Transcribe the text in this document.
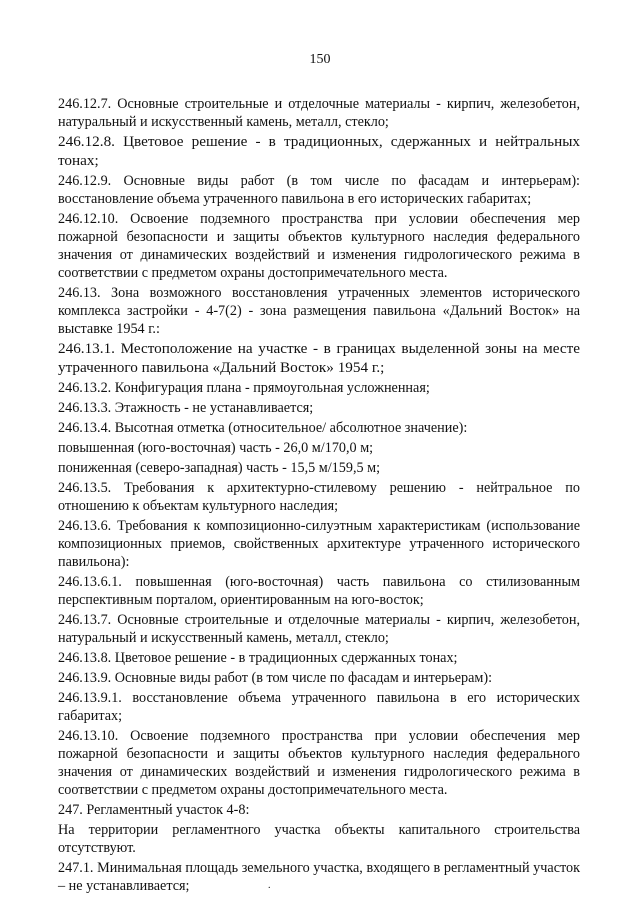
150

246.12.7. Основные строительные и отделочные материалы - кирпич, железобетон, натуральный и искусственный камень, металл, стекло;

246.12.8. Цветовое решение - в традиционных, сдержанных и нейтральных тонах;

246.12.9. Основные виды работ (в том числе по фасадам и интерьерам): восстановление объема утраченного павильона в его исторических габаритах;

246.12.10. Освоение подземного пространства при условии обеспечения мер пожарной безопасности и защиты объектов культурного наследия федерального значения от динамических воздействий и изменения гидрологического режима в соответствии с предметом охраны достопримечательного места.

246.13. Зона возможного восстановления утраченных элементов исторического комплекса застройки - 4-7(2) - зона размещения павильона «Дальний Восток» на выставке 1954 г.:

246.13.1. Местоположение на участке - в границах выделенной зоны на месте утраченного павильона «Дальний Восток» 1954 г.;

246.13.2. Конфигурация плана - прямоугольная усложненная;

246.13.3. Этажность - не устанавливается;

246.13.4. Высотная отметка (относительное/ абсолютное значение):

повышенная (юго-восточная) часть - 26,0 м/170,0 м;

пониженная (северо-западная) часть - 15,5 м/159,5 м;

246.13.5. Требования к архитектурно-стилевому решению - нейтральное по отношению к объектам культурного наследия;

246.13.6. Требования к композиционно-силуэтным характеристикам (использование композиционных приемов, свойственных архитектуре утраченного исторического павильона):

246.13.6.1. повышенная (юго-восточная) часть павильона со стилизованным перспективным порталом, ориентированным на юго-восток;

246.13.7. Основные строительные и отделочные материалы - кирпич, железобетон, натуральный и искусственный камень, металл, стекло;

246.13.8. Цветовое решение - в традиционных сдержанных тонах;

246.13.9. Основные виды работ (в том числе по фасадам и интерьерам):

246.13.9.1. восстановление объема утраченного павильона в его исторических габаритах;

246.13.10. Освоение подземного пространства при условии обеспечения мер пожарной безопасности и защиты объектов культурного наследия федерального значения от динамических воздействий и изменения гидрологического режима в соответствии с предметом охраны достопримечательного места.

247. Регламентный участок 4-8:

На территории регламентного участка объекты капитального строительства отсутствуют.

247.1. Минимальная площадь земельного участка, входящего в регламентный участок – не устанавливается;	.
